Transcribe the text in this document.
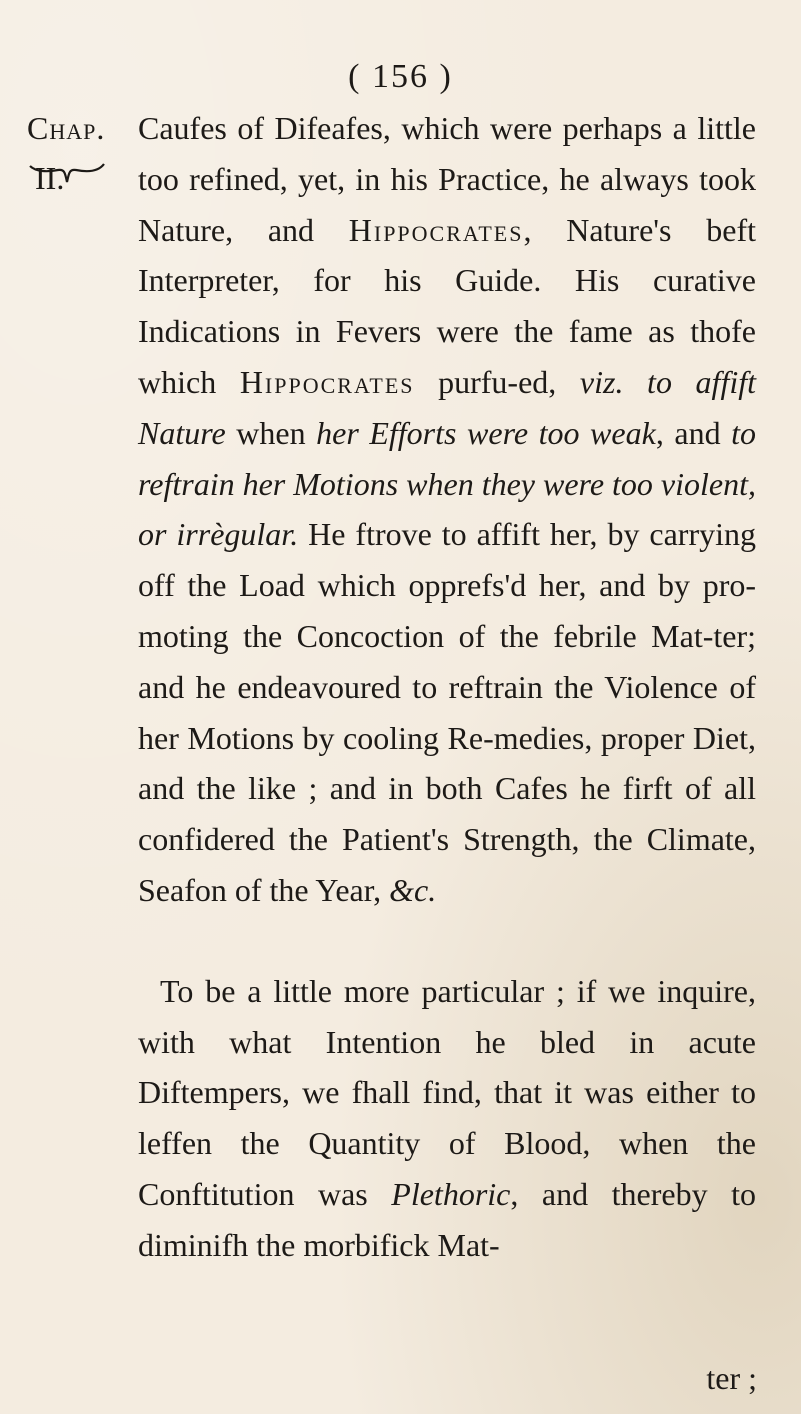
( 156 )
Chap.
II.

Caufes of Difeafes, which were perhaps a little too refined, yet, in his Practice, he always took Nature, and Hippocrates, Nature's beft Interpreter, for his Guide. His curative Indications in Fevers were the fame as thofe which Hippocrates purfu-ed, viz. to affift Nature when her Efforts were too weak, and to reftrain her Motions when they were too violent, or irrègular. He ftrove to affift her, by carrying off the Load which opprefs'd her, and by pro-moting the Concoction of the febrile Mat-ter; and he endeavoured to reftrain the Violence of her Motions by cooling Re-medies, proper Diet, and the like ; and in both Cafes he firft of all confidered the Patient's Strength, the Climate, Seafon of the Year, &c.

To be a little more particular ; if we inquire, with what Intention he bled in acute Diftempers, we fhall find, that it was either to leffen the Quantity of Blood, when the Conftitution was Plethoric, and thereby to diminifh the morbifick Mat-

ter ;
